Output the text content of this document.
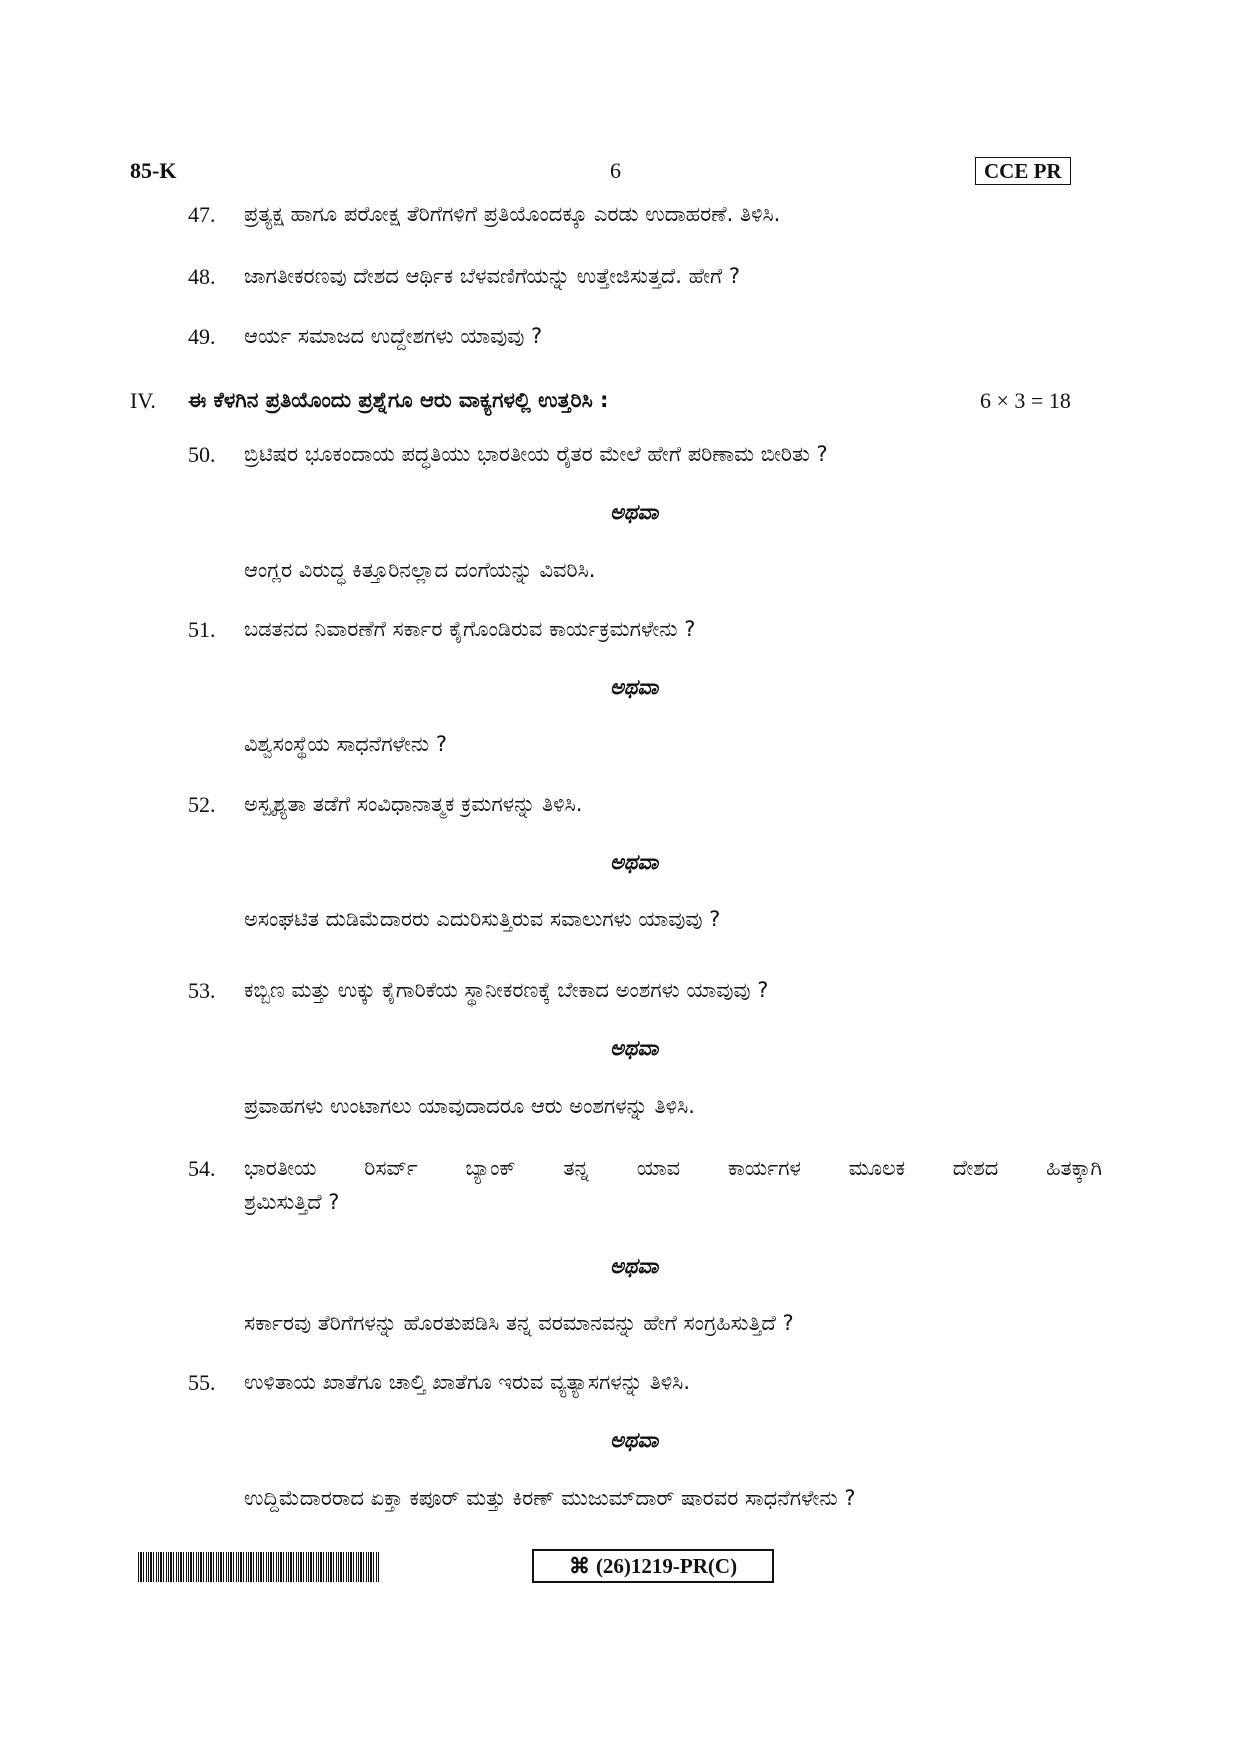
85-K	6	CCE PR
47. ಪ್ರತ್ಯಕ್ಷ ಹಾಗೂ ಪರೋಕ್ಷ ತೆರಿಗೆಗಳಿಗೆ ಪ್ರತಿಯೊಂದಕ್ಕೂ ಎರಡು ಉದಾಹರಣೆ. ತಿಳಿಸಿ.
48. ಜಾಗತೀಕರಣವು ದೇಶದ ಆರ್ಥಿಕ ಬೆಳವಣಿಗೆಯನ್ನು ಉತ್ತೇಜಿಸುತ್ತದೆ. ಹೇಗೆ ?
49. ಆರ್ಯ ಸಮಾಜದ ಉದ್ದೇಶಗಳು ಯಾವುವು ?
IV. ಈ ಕೆಳಗಿನ ಪ್ರತಿಯೊಂದು ಪ್ರಶ್ನೆಗೂ ಆರು ವಾಕ್ಯಗಳಲ್ಲಿ ಉತ್ತರಿಸಿ :	6 × 3 = 18
50. ಬ್ರಿಟಿಷರ ಭೂಕಂದಾಯ ಪದ್ಧತಿಯು ಭಾರತೀಯ ರೈತರ ಮೇಲೆ ಹೇಗೆ ಪರಿಣಾಮ ಬೀರಿತು ?
ಅಥವಾ
ಆಂಗ್ಲರ ವಿರುದ್ಧ ಕಿತ್ತೂರಿನಲ್ಲಾದ ದಂಗೆಯನ್ನು ವಿವರಿಸಿ.
51. ಬಡತನದ ನಿವಾರಣೆಗೆ ಸರ್ಕಾರ ಕೈಗೊಂಡಿರುವ ಕಾರ್ಯಕ್ರಮಗಳೇನು ?
ಅಥವಾ
ವಿಶ್ವಸಂಸ್ಥೆಯ ಸಾಧನೆಗಳೇನು ?
52. ಅಸ್ಪೃಶ್ಯತಾ ತಡೆಗೆ ಸಂವಿಧಾನಾತ್ಮಕ ಕ್ರಮಗಳನ್ನು ತಿಳಿಸಿ.
ಅಥವಾ
ಅಸಂಘಟಿತ ದುಡಿಮೆದಾರರು ಎದುರಿಸುತ್ತಿರುವ ಸವಾಲುಗಳು ಯಾವುವು ?
53. ಕಬ್ಬಿಣ ಮತ್ತು ಉಕ್ಕು ಕೈಗಾರಿಕೆಯ ಸ್ಥಾನೀಕರಣಕ್ಕೆ ಬೇಕಾದ ಅಂಶಗಳು ಯಾವುವು ?
ಅಥವಾ
ಪ್ರವಾಹಗಳು ಉಂಟಾಗಲು ಯಾವುದಾದರೂ ಆರು ಅಂಶಗಳನ್ನು ತಿಳಿಸಿ.
54. ಭಾರತೀಯ ರಿಸರ್ವ್ ಬ್ಯಾಂಕ್ ತನ್ನ ಯಾವ ಕಾರ್ಯಗಳ ಮೂಲಕ ದೇಶದ ಹಿತಕ್ಕಾಗಿ
ಶ್ರಮಿಸುತ್ತಿದೆ ?
ಅಥವಾ
ಸರ್ಕಾರವು ತೆರಿಗೆಗಳನ್ನು ಹೊರತುಪಡಿಸಿ ತನ್ನ ವರಮಾನವನ್ನು ಹೇಗೆ ಸಂಗ್ರಹಿಸುತ್ತಿದೆ ?
55. ಉಳಿತಾಯ ಖಾತೆಗೂ ಚಾಲ್ತಿ ಖಾತೆಗೂ ಇರುವ ವ್ಯತ್ಯಾಸಗಳನ್ನು ತಿಳಿಸಿ.
ಅಥವಾ
ಉದ್ದಿಮೆದಾರರಾದ ಏಕ್ತಾ ಕಪೂರ್ ಮತ್ತು ಕಿರಣ್ ಮುಜುಮ್‌ದಾರ್ ಷಾರವರ ಸಾಧನೆಗಳೇನು ?
⌘ (26)1219-PR(C)
